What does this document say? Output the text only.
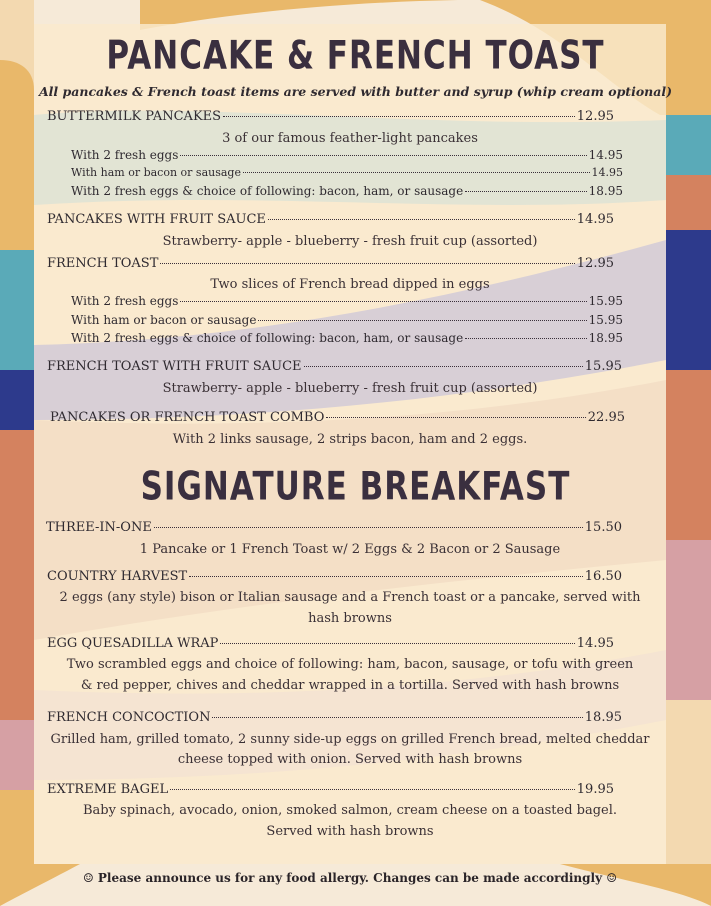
PANCAKE & FRENCH TOAST
All pancakes & French toast items are served with butter and syrup (whip cream optional)
BUTTERMILK PANCAKES	12.95
3 of our famous feather-light pancakes
With 2 fresh eggs	14.95
With ham or bacon or sausage	14.95
With 2 fresh eggs & choice of following: bacon, ham, or sausage	18.95
PANCAKES WITH FRUIT SAUCE	14.95
Strawberry- apple - blueberry - fresh fruit cup (assorted)
FRENCH TOAST	12.95
Two slices of French bread dipped in eggs
With 2 fresh eggs	15.95
With ham or bacon or sausage	15.95
With 2 fresh eggs & choice of following: bacon, ham, or sausage	18.95
FRENCH TOAST WITH FRUIT SAUCE	15.95
Strawberry- apple - blueberry - fresh fruit cup (assorted)
PANCAKES OR FRENCH TOAST COMBO	22.95
With 2 links sausage, 2 strips bacon, ham and 2 eggs.
SIGNATURE BREAKFAST
THREE-IN-ONE	15.50
1 Pancake or 1 French Toast w/ 2 Eggs & 2 Bacon or 2 Sausage
COUNTRY HARVEST	16.50
2 eggs (any style) bison or Italian sausage and a French toast or a pancake, served with
hash browns
EGG QUESADILLA WRAP	14.95
Two scrambled eggs and choice of following: ham, bacon, sausage, or tofu with green
& red pepper, chives and cheddar wrapped in a tortilla. Served with hash browns
FRENCH CONCOCTION	18.95
Grilled ham, grilled tomato, 2 sunny side-up eggs on grilled French bread, melted cheddar
cheese topped with onion. Served with hash browns
EXTREME BAGEL	19.95
Baby spinach, avocado, onion, smoked salmon, cream cheese on a toasted bagel.
Served with hash browns
☺ Please announce us for any food allergy. Changes can be made accordingly ☺
